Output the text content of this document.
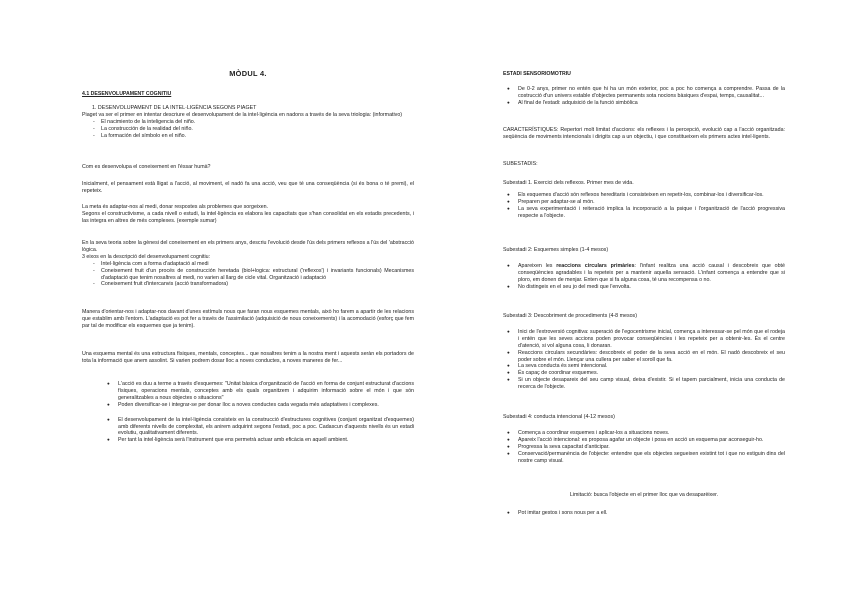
MÒDUL 4.
4.1 DESENVOLUPAMENT COGNITIU

1. DESENVOLUPAMENT DE LA INTEL·LIGÈNCIA SEGONS PIAGET

Piaget va ser el primer en intentar descriure el desenvolupament de la intel·ligència en nadons a través de la seva triologia: (informativo)

- El nacimiento de la inteligencia del niño.
- La construcción de la realidad del niño.
- La formación del símbolo en el niño.

Com es desenvolupa el coneixement en l'éssar humà?

Inicialment, el pensament està lligat a l'acció, al moviment, el nadó fa una acció, veu que té una conseqüència (si és bona o té premi), el repeteix.

La meta és adaptar-nos al medi, donar respostes als problemes que sorgeixen.

Segons el constructivisme, a cada nivell o estudi, la intel·ligència es elabora les capacitats que s'han consolidat en els estadis precedents, i las integra en altres de més complexes. (exemple sumar)

En la seva teoria sobre la gènesi del coneixement en els primers anys, descriu l'evolució desde l'ús dels primers reflexos a l'ús del 'abstracció lògica.

3 eixos en la descripció del desenvolupament cognitiu:

- Intel·ligència com a forma d'adaptació al medi
- Coneixement fruit d'un procés de construcción heretada (biol+logica: estructural ('reflexos') i invariants funcionals) Mecanismes d'adaptació que tenim nosaltres al medi, no varien al llarg de cicle vital. Organització i adaptació
- Coneixement fruit d'intercanvis (acció transformadora)

Manera d'orientar-nos i adaptar-nos davant d'unes estímuls nous que faran nous esquemes mentals, això ho farem a apartir de les relacions que establim amb l'entorn. L'adaptació es pot fer a través de l'assimilació (adquisició de nous coneixements) i la acomodació (esforç que fem par tal de modificar els esquemes que ja tenim).

Una esquema mental és una estructura físiques, mentals, conceptes... que nosaltres tenim a la nostra ment i aquests seràn els portadors de tota la informació que anem assolint. Si varien podrem dosar lloc a noves conductes, a noves maneres de fer...

● L'acció es duu a terme a través d'esquemes: "Unitat bàsica d'organització de l'acció en forma de conjunt estructurat d'accions físiques, operacions mentals, conceptes amb els quals organitzem i adquirim informació sobre el món i que són generalitzables a nous objectes o situacions"
● Poden diversificar-se i integrar-se per donar lloc a noves conductes cada vegada més adaptatives i complexes.
● El desenvolupament de la intel·ligència consisteix en la construcció d'estructures cognitives (conjunt organitzat d'esquemes) amb diferents nivells de complexitat, els anirem adquirint segons l'estadi, poc a poc. Cadascun d'aquests nivells és un estadi evolutiu, qualitativament diferents.
● Per tant la intel·ligència serà l'instrument que ens permetrà actuar amb eficàcia en aquell ambient.
ESTADI SENSORIOMOTRIU
● De 0-2 anys, primer no entén que hi ha un món exterior, poc a poc ho comença a comprendre. Passa de la costrucció d'un univers estable d'objectes permanents sota nocions bàsiques d'espai, temps, causalitat...
● Al final de l'estadi: adquisició de la funció simbòlica

CARACTERÍSTIQUES: Repertori molt limitat d'accions: els reflexes i la percepció, evolució cap a l'acció organitzada: seqüència de moviments intencionals i dirigits cap a un objectiu, i que constitueixen els primers actes intel·ligents.

SUBESTADIS:

Subestadi 1. Exercici dels reflexos. Primer mes de vida.

● Els esquemes d'acció són reflexos hereditaris i consisteixen en repetir-los, combinar-los i diversificar-los.
● Preparen per adaptar-se al món.
● La seva experimentació i reiteració implica la incorporació a la psique i l'organització de l'acció progressiva respecte a l'objecte.

Subestadi 2: Esquemes simples (1-4 mesos)

● Apareixen les reaccions circulars primàries: l'infant realitza una acció causal i descobreix que obté conseqüències agradables i la repeteix per a mantenir aquella sensació. L'infant comença a entendre que si ploro, em donen de menjar. Enten que si fa alguna cosa, té una recompensa o no.
● No distingeix en el seu jo del medi que l'envolta.

Subestadi 3: Descobriment de procediments (4-8 mesos)

● Inici de l'extroversió cognitiva: superació de l'egocentrisme inicial, comença a interessar-se pel món que el rodeja i entén que les seves accions poden provocar conseqüències i les repeteix per a obtenir-les. És el centre d'atenció, si vol alguna cosa, li donaran.
● Reaccions circulars secundàries: descobreix el poder de la seva acció en el món. El nadó descobreix el seu poder sobre el món. Llençar una cullera per saber el soroll que fa.
● La seva conducta és semi intencional.
● És capaç de coordinar esquemes.
● Si un objecte desapareix del seu camp visual, deixa d'existir. Si el tapem parcialment, inicia una conducta de recerca de l'objecte.

Subestadi 4: conducta intencional (4-12 mesos)

● Comença a coordinar esquemes i aplicar-los a situacions noves.
● Apareix l'acció intencional: es proposa agafar un objecte i posa en acció un esquema par aconseguir-ho.
● Progressa la seva capacitat d'anticipar.
● Conservació/permanència de l'objecte: entendre que els objectes segueixen existint tot i que no estiguin dins del nostre camp visual.

Limitació: busca l'objecte en el primer lloc que va desaparèixer.

● Pot imitar gestos i sons nous per a ell.
